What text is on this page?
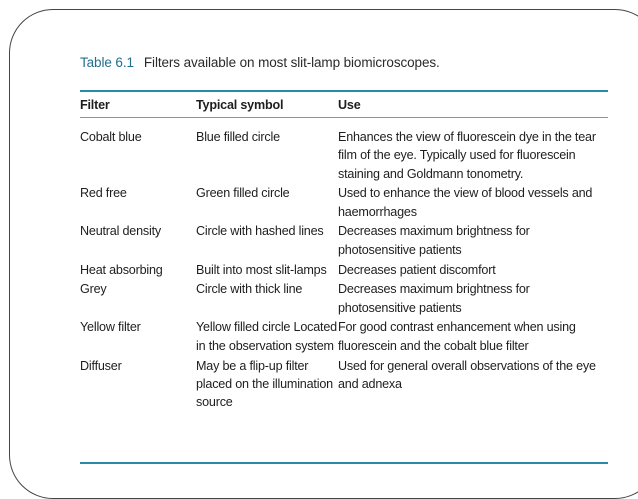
Table 6.1 Filters available on most slit-lamp biomicroscopes.
Filter	Typical symbol	Use
Cobalt blue	Blue filled circle	Enhances the view of fluorescein dye in the tear film of the eye. Typically used for fluorescein staining and Goldmann tonometry.
Red free	Green filled circle	Used to enhance the view of blood vessels and haemorrhages
Neutral density	Circle with hashed lines	Decreases maximum brightness for photosensitive patients
Heat absorbing	Built into most slit-lamps	Decreases patient discomfort
Grey	Circle with thick line	Decreases maximum brightness for photosensitive patients
Yellow filter	Yellow filled circle Located in the observation system	For good contrast enhancement when using fluorescein and the cobalt blue filter
Diffuser	May be a flip-up filter placed on the illumination source	Used for general overall observations of the eye and adnexa
